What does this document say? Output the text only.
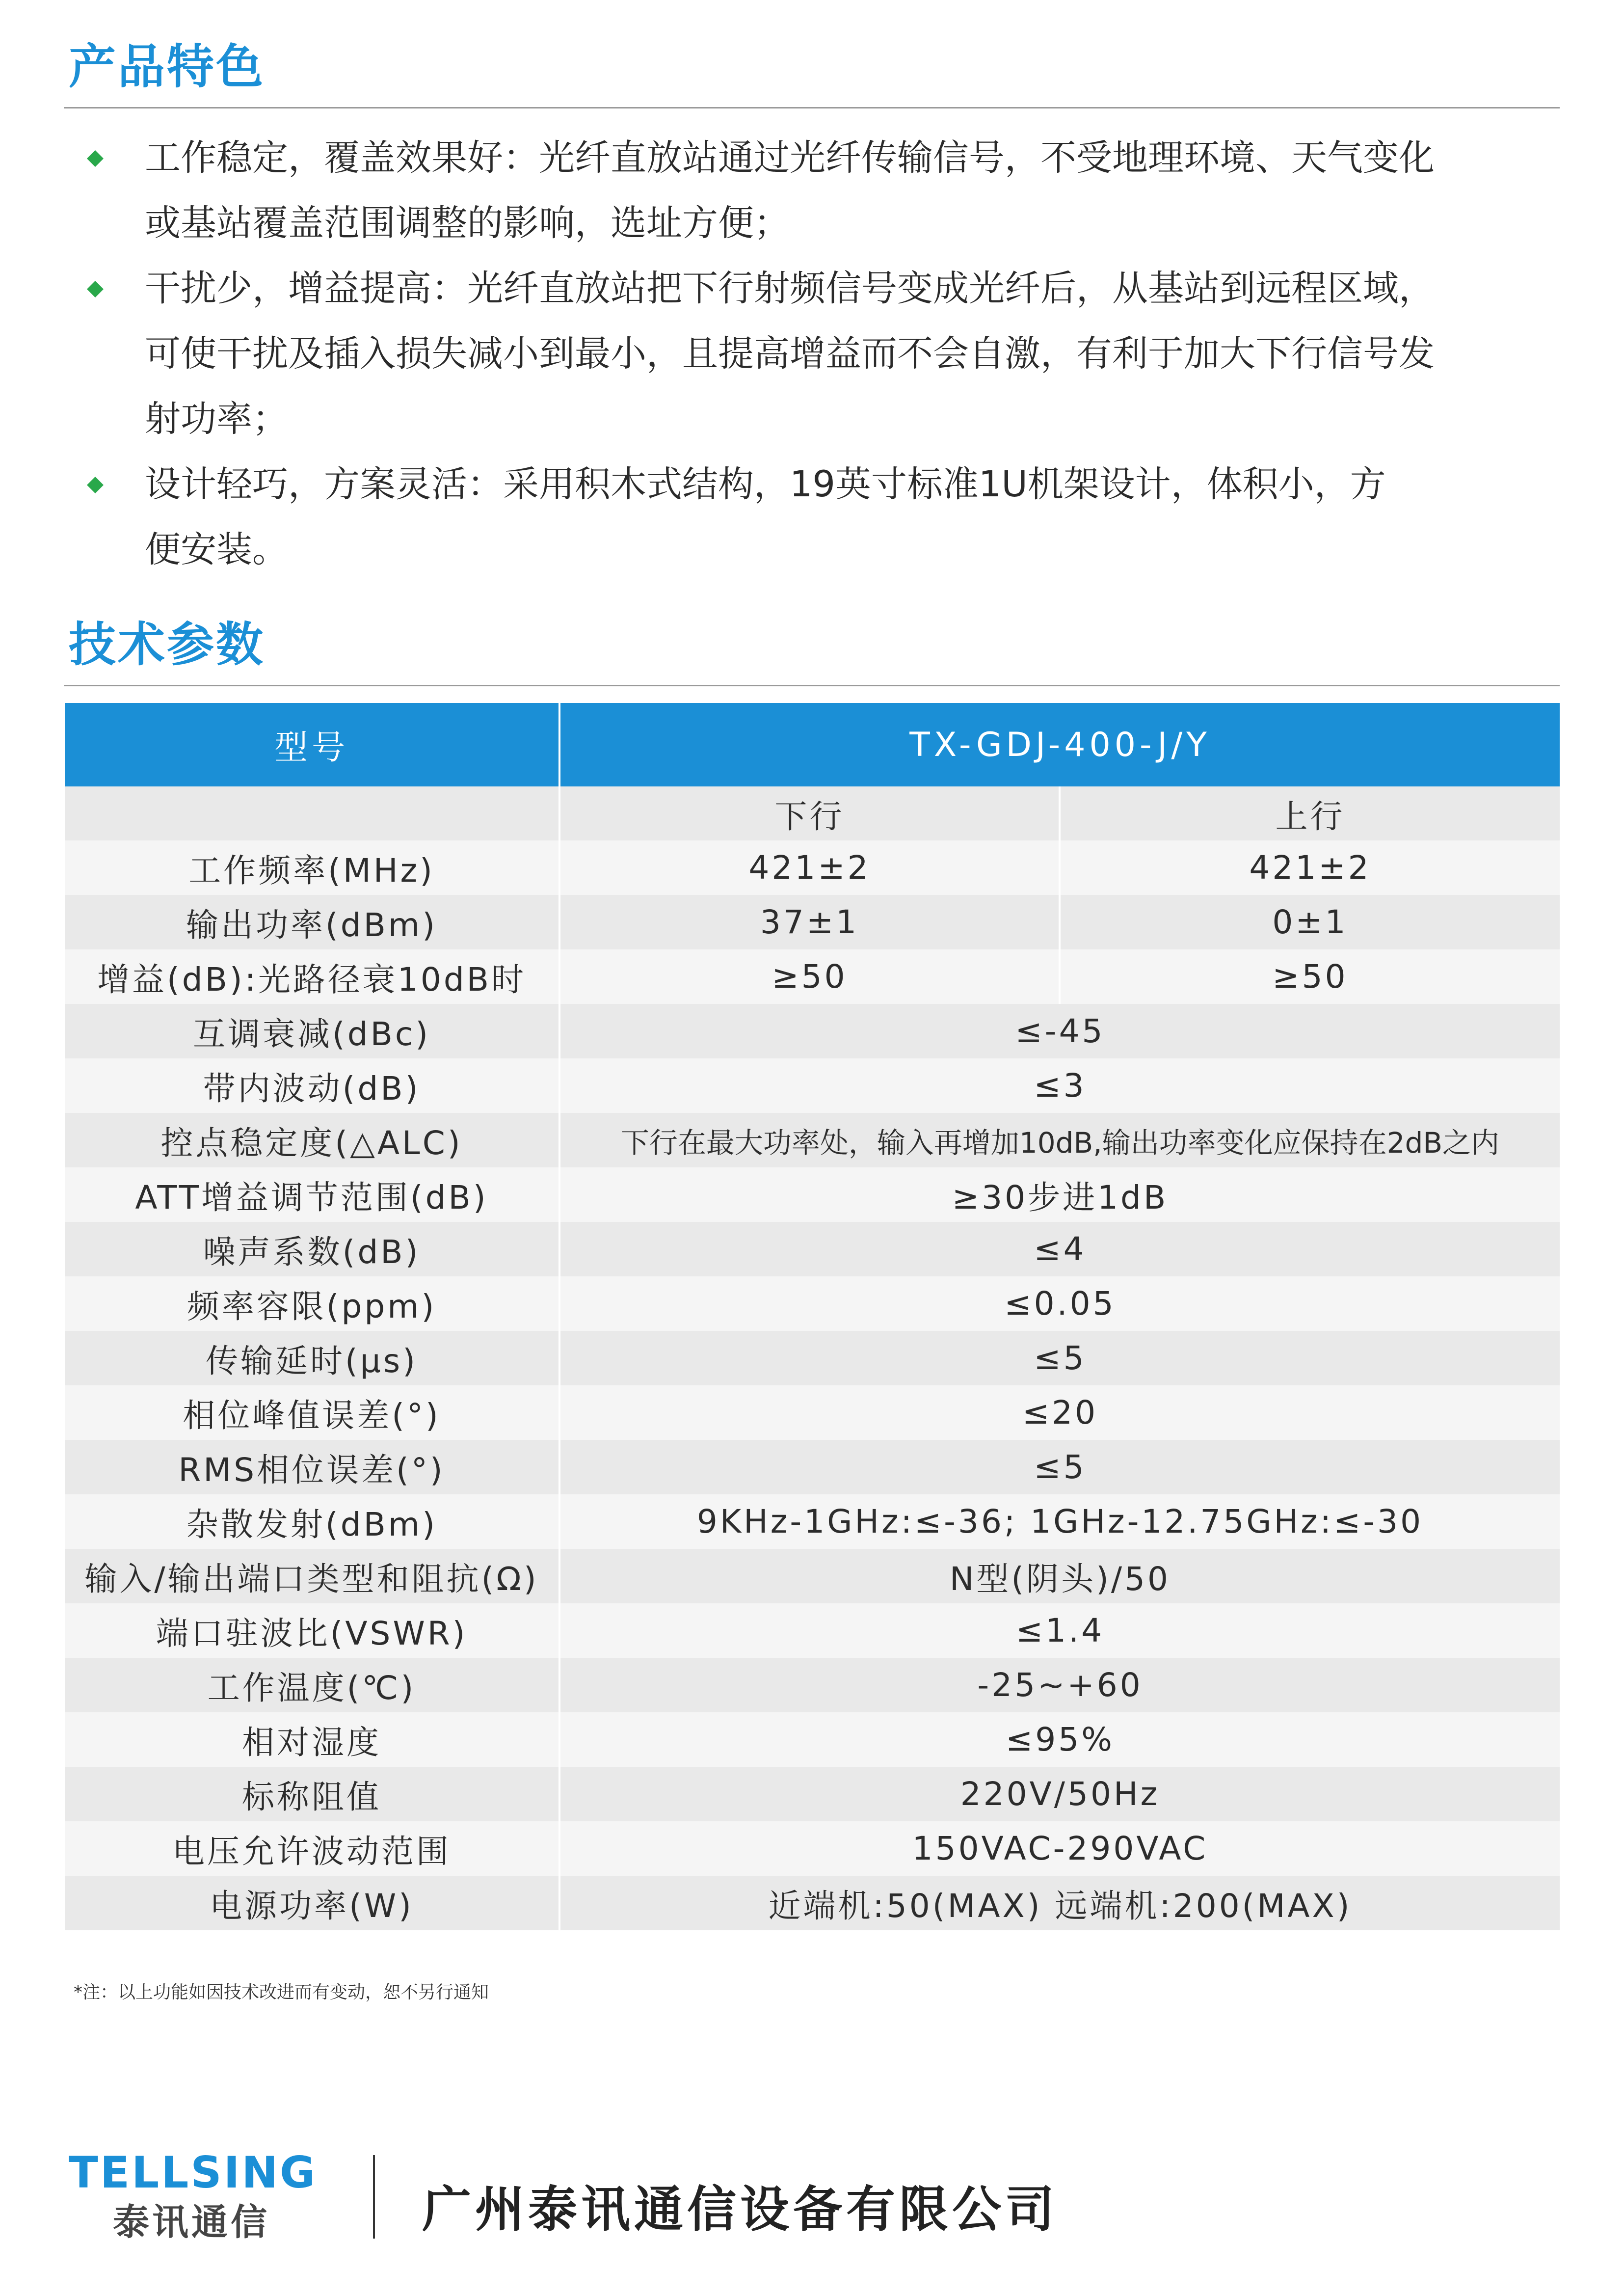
产品特色
工作稳定，覆盖效果好：光纤直放站通过光纤传输信号，不受地理环境、天气变化
或基站覆盖范围调整的影响，选址方便；
干扰少，增益提高：光纤直放站把下行射频信号变成光纤后，从基站到远程区域，
可使干扰及插入损失减小到最小，且提高增益而不会自激，有利于加大下行信号发
射功率；
设计轻巧，方案灵活：采用积木式结构，19英寸标准1U机架设计，体积小，方
便安装。
技术参数
型号	TX-GDJ-400-J/Y	
	下行	上行
工作频率(MHz)	421±2	421±2
输出功率(dBm)	37±1	0±1
增益(dB):光路径衰10dB时	≥50	≥50
互调衰减(dBc)	≤-45	
带内波动(dB)	≤3	
控点稳定度(△ALC)	下行在最大功率处，输入再增加10dB,输出功率变化应保持在2dB之内	
ATT增益调节范围(dB)	≥30步进1dB	
噪声系数(dB)	≤4	
频率容限(ppm)	≤0.05	
传输延时(μs)	≤5	
相位峰值误差(°)	≤20	
RMS相位误差(°)	≤5	
杂散发射(dBm)	9KHz-1GHz:≤-36; 1GHz-12.75GHz:≤-30	
输入/输出端口类型和阻抗(Ω)	N型(阴头)/50	
端口驻波比(VSWR)	≤1.4	
工作温度(℃)	-25~+60	
相对湿度	≤95%	
标称阻值	220V/50Hz	
电压允许波动范围	150VAC-290VAC	
电源功率(W)	近端机:50(MAX) 远端机:200(MAX)	
*注：以上功能如因技术改进而有变动，恕不另行通知
TELLSING
泰讯通信	广州泰讯通信设备有限公司
